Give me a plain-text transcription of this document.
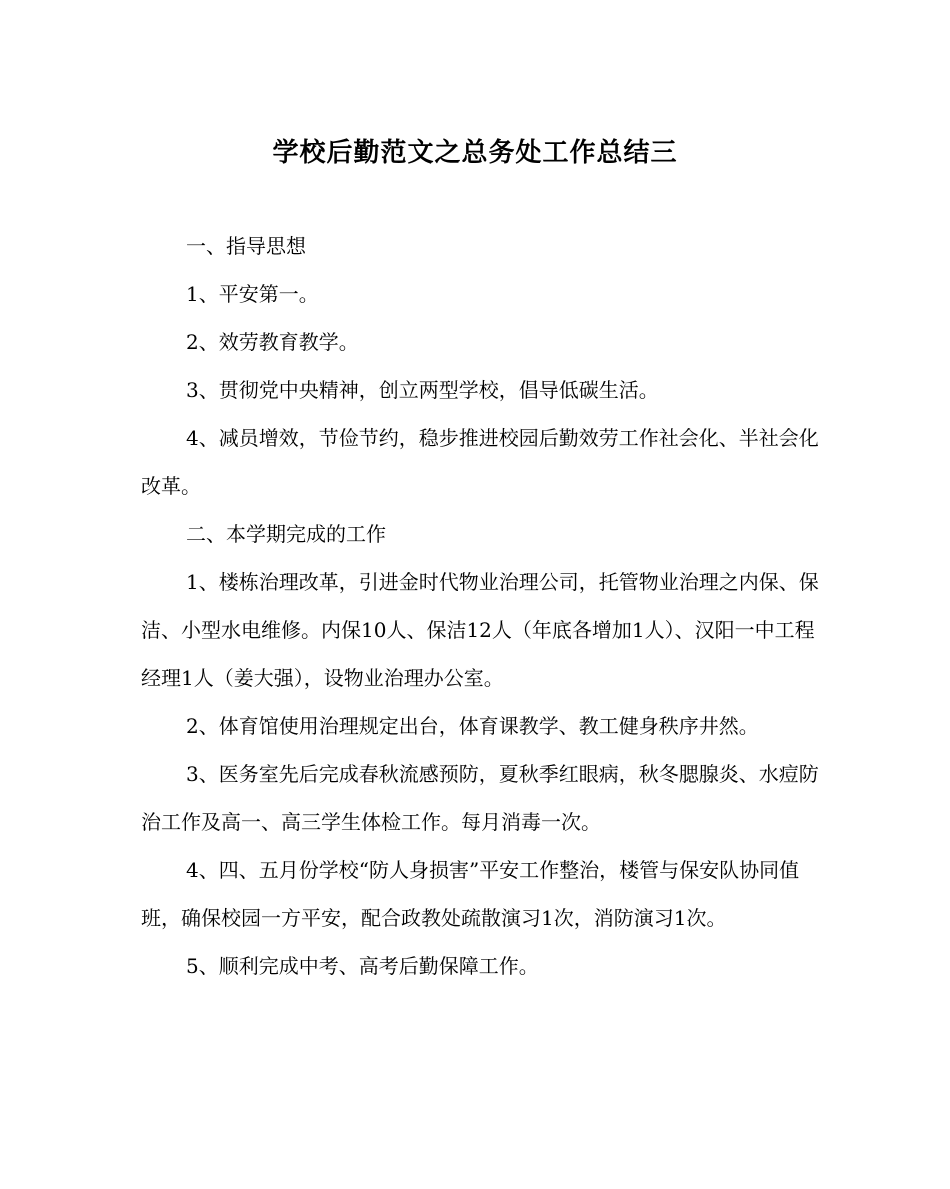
学校后勤范文之总务处工作总结三

一、指导思想

1、平安第一。

2、效劳教育教学。

3、贯彻党中央精神，创立两型学校，倡导低碳生活。

4、减员增效，节俭节约，稳步推进校园后勤效劳工作社会化、半社会化改革。

二、本学期完成的工作

1、楼栋治理改革，引进金时代物业治理公司，托管物业治理之内保、保洁、小型水电维修。内保10人、保洁12人（年底各增加1人）、汉阳一中工程经理1人（姜大强），设物业治理办公室。

2、体育馆使用治理规定出台，体育课教学、教工健身秩序井然。

3、医务室先后完成春秋流感预防，夏秋季红眼病，秋冬腮腺炎、水痘防治工作及高一、高三学生体检工作。每月消毒一次。

4、四、五月份学校“防人身损害”平安工作整治，楼管与保安队协同值班，确保校园一方平安，配合政教处疏散演习1次，消防演习1次。

5、顺利完成中考、高考后勤保障工作。
